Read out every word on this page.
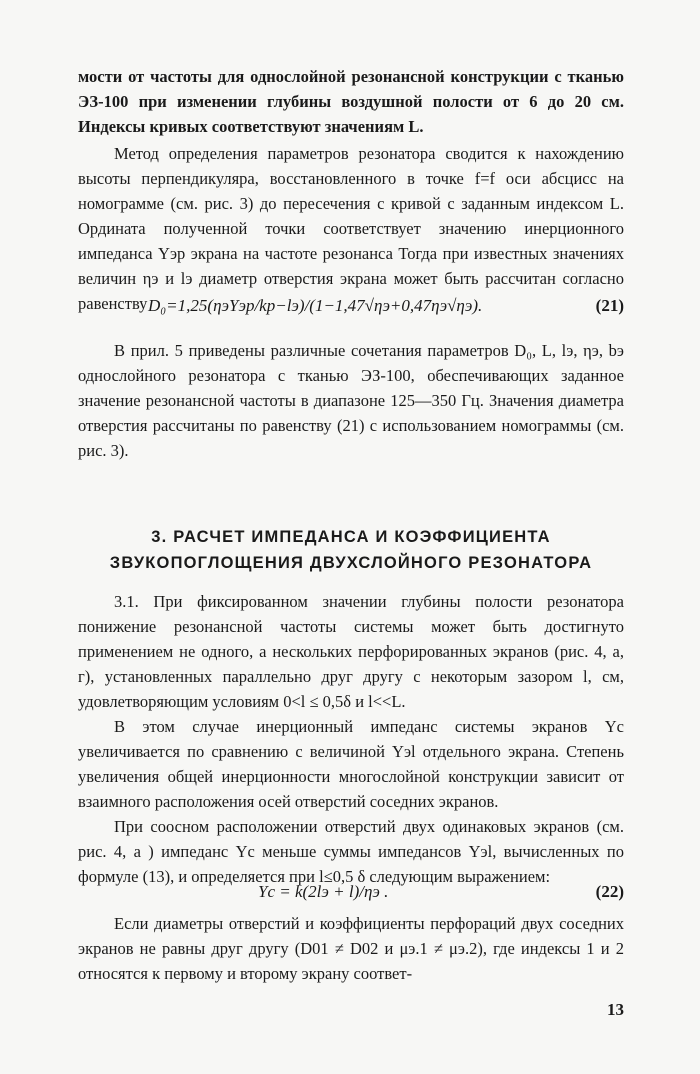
мости от частоты для однослойной резонансной конструкции с тканью ЭЗ-100 при изменении глубины воздушной полости от 6 до 20 см. Индексы кривых соответствуют значениям L.

Метод определения параметров резонатора сводится к нахождению высоты перпендикуляра, восстановленного в точке f=f оси абсцисс на номограмме (см. рис. 3) до пересечения с кривой с заданным индексом L. Ордината полученной точки соответствует значению инерционного импеданса Yэр экрана на частоте резонанса Тогда при известных значениях величин ηэ и lэ диаметр отверстия экрана может быть рассчитан согласно равенству D₀=1,25(ηэYэр/kр−lэ)/(1−1,47√ηэ+0,47ηэ√ηэ).	(21)

В прил. 5 приведены различные сочетания параметров D₀, L, lэ, ηэ, bэ однослойного резонатора с тканью ЭЗ-100, обеспечивающих заданное значение резонансной частоты в диапазоне 125—350 Гц. Значения диаметра отверстия рассчитаны по равенству (21) с использованием номограммы (см. рис. 3).

3. РАСЧЕТ ИМПЕДАНСА И КОЭФФИЦИЕНТА
ЗВУКОПОГЛОЩЕНИЯ ДВУХСЛОЙНОГО РЕЗОНАТОРА

3.1. При фиксированном значении глубины полости резонатора понижение резонансной частоты системы может быть достигнуто применением не одного, а нескольких перфорированных экранов (рис. 4, а, г), установленных параллельно друг другу с некоторым зазором l, см, удовлетворяющим условиям 0<l ≤ 0,5δ и l<<L.

В этом случае инерционный импеданс системы экранов Yс увеличивается по сравнению с величиной Yэl отдельного экрана. Степень увеличения общей инерционности многослойной конструкции зависит от взаимного расположения осей отверстий соседних экранов.

При соосном расположении отверстий двух одинаковых экранов (см. рис. 4, а ) импеданс Yс меньше суммы импедансов Yэl, вычисленных по формуле (13), и определяется при l≤0,5 δ следующим выражением:

Yс = k(2lэ + l)/ηэ .	(22)

Если диаметры отверстий и коэффициенты перфораций двух соседних экранов не равны друг другу (D01 ≠ D02 и μэ.1 ≠ μэ.2), где индексы 1 и 2 относятся к первому и второму экрану соответ-

13
